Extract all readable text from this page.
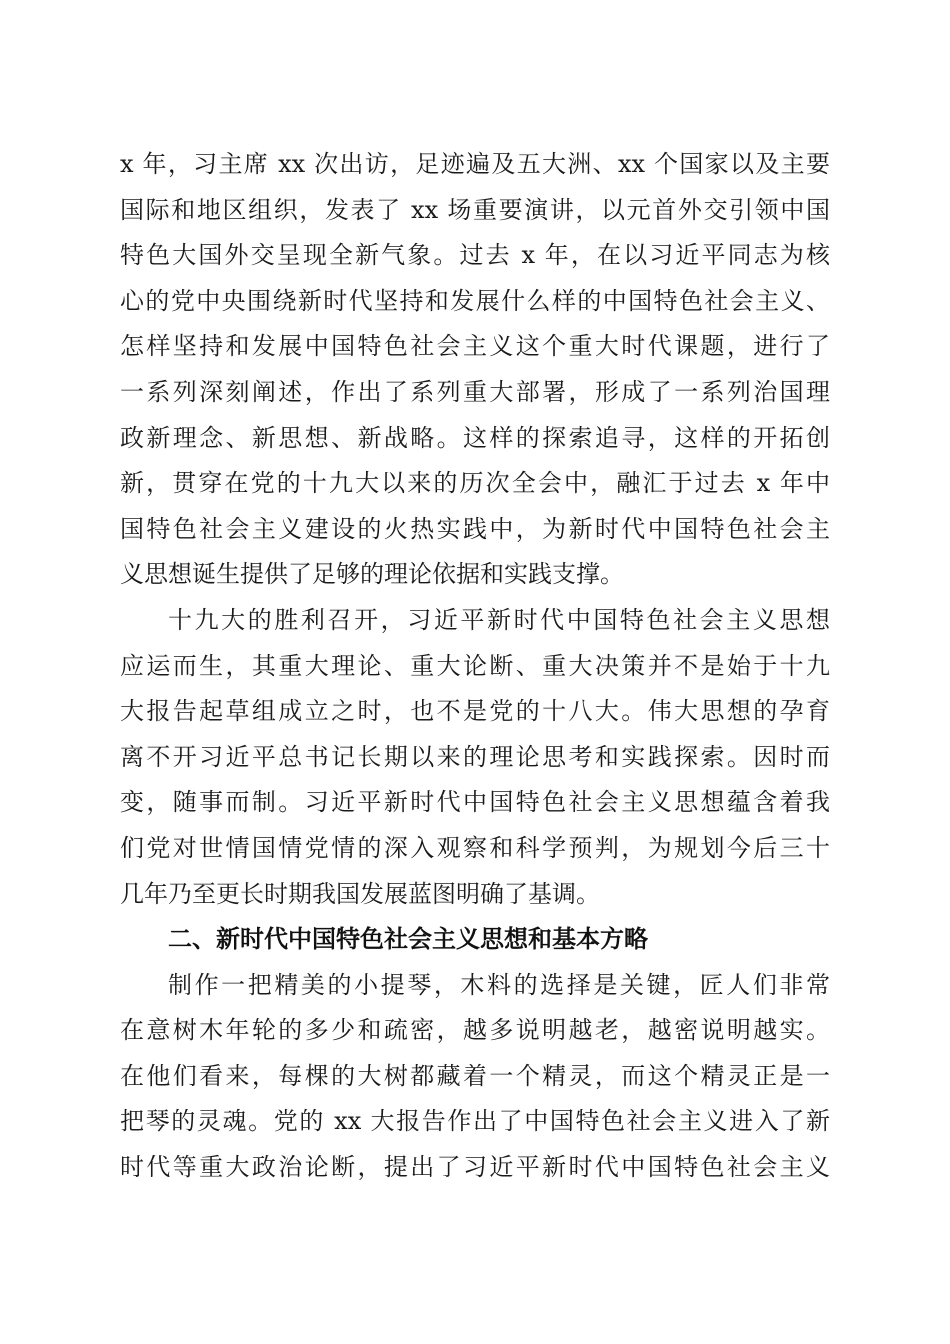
x 年，习主席 xx 次出访，足迹遍及五大洲、xx 个国家以及主要
国际和地区组织，发表了 xx 场重要演讲，以元首外交引领中国
特色大国外交呈现全新气象。过去 x 年，在以习近平同志为核
心的党中央围绕新时代坚持和发展什么样的中国特色社会主义、
怎样坚持和发展中国特色社会主义这个重大时代课题，进行了
一系列深刻阐述，作出了系列重大部署，形成了一系列治国理
政新理念、新思想、新战略。这样的探索追寻，这样的开拓创
新，贯穿在党的十九大以来的历次全会中，融汇于过去 x 年中
国特色社会主义建设的火热实践中，为新时代中国特色社会主
义思想诞生提供了足够的理论依据和实践支撑。
十九大的胜利召开，习近平新时代中国特色社会主义思想
应运而生，其重大理论、重大论断、重大决策并不是始于十九
大报告起草组成立之时，也不是党的十八大。伟大思想的孕育
离不开习近平总书记长期以来的理论思考和实践探索。因时而
变，随事而制。习近平新时代中国特色社会主义思想蕴含着我
们党对世情国情党情的深入观察和科学预判，为规划今后三十
几年乃至更长时期我国发展蓝图明确了基调。
二、新时代中国特色社会主义思想和基本方略
制作一把精美的小提琴，木料的选择是关键，匠人们非常
在意树木年轮的多少和疏密，越多说明越老，越密说明越实。
在他们看来，每棵的大树都藏着一个精灵，而这个精灵正是一
把琴的灵魂。党的 xx 大报告作出了中国特色社会主义进入了新
时代等重大政治论断，提出了习近平新时代中国特色社会主义
